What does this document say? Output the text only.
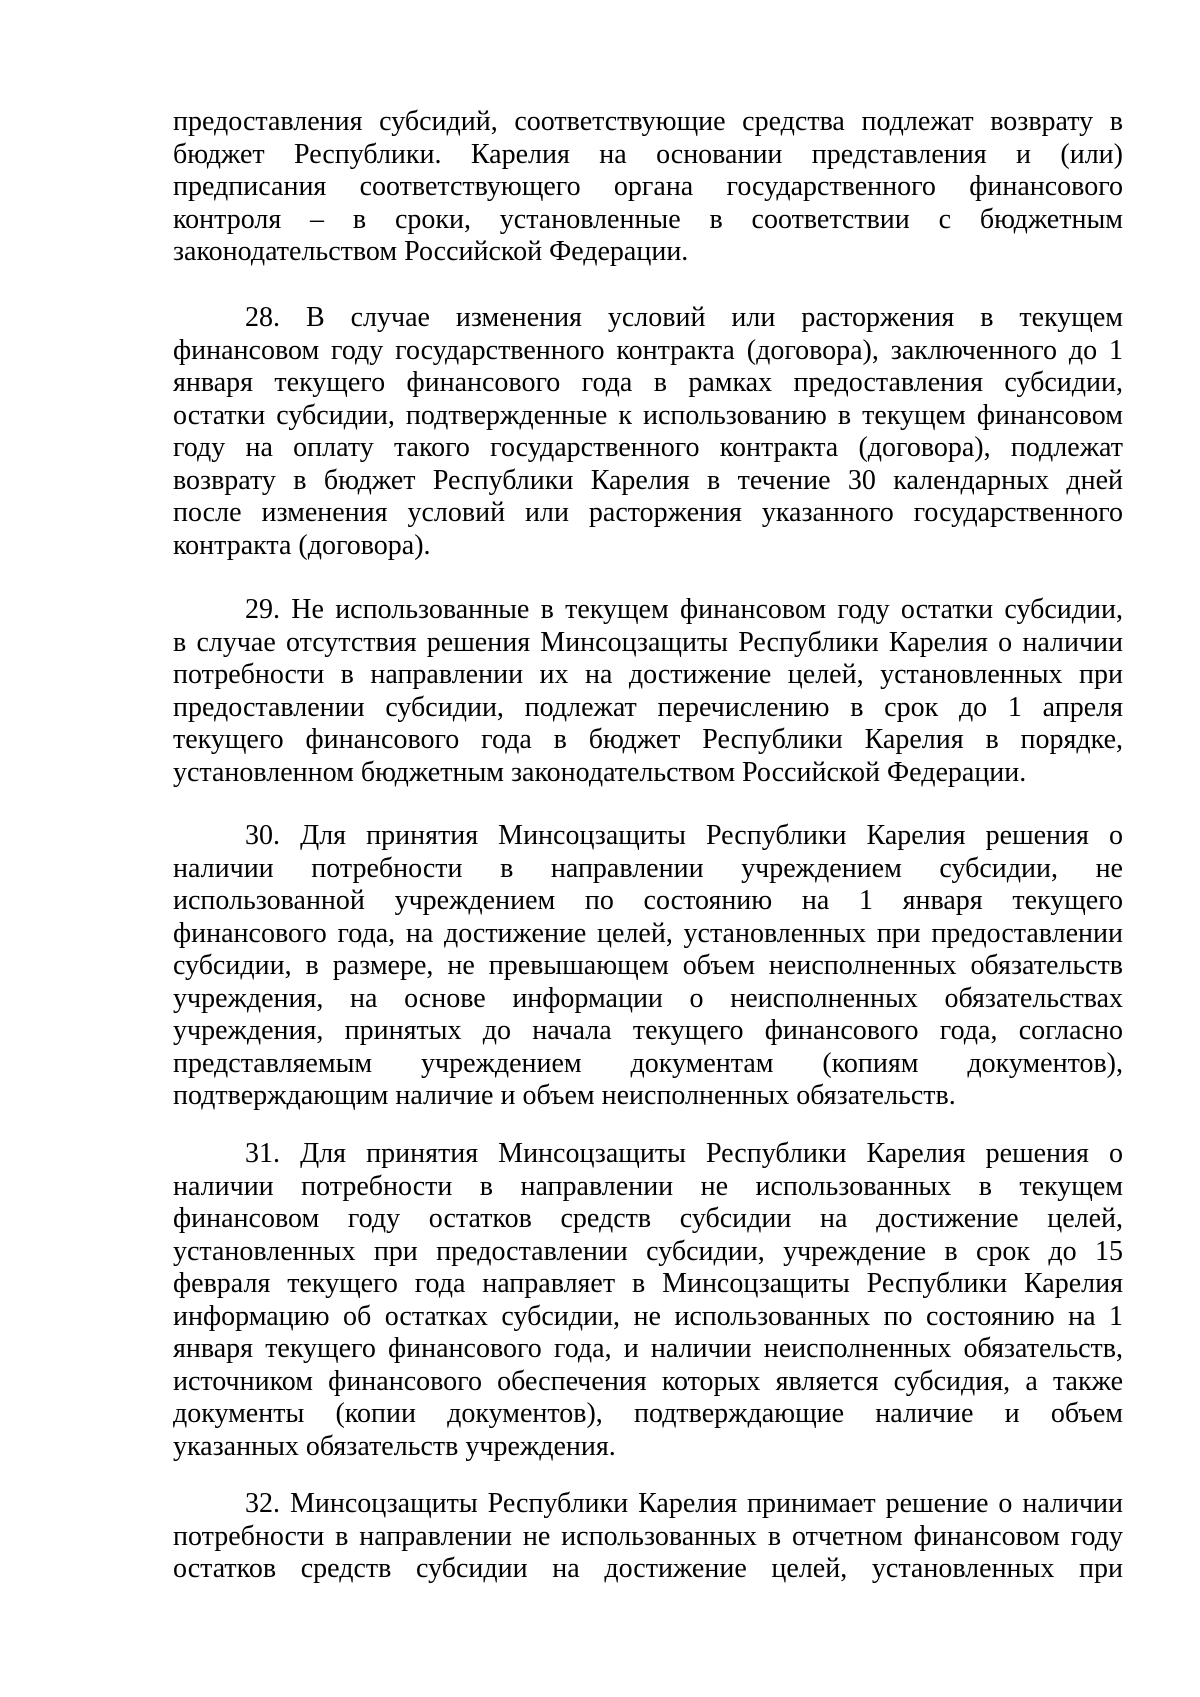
предоставления субсидий, соответствующие средства подлежат возврату в
бюджет Республики. Карелия на основании представления и (или)
предписания соответствующего органа государственного финансового
контроля – в сроки, установленные в соответствии с бюджетным
законодательством Российской Федерации.
28. В случае изменения условий или расторжения в текущем
финансовом году государственного контракта (договора), заключенного до 1
января текущего финансового года в рамках предоставления субсидии,
остатки субсидии, подтвержденные к использованию в текущем финансовом
году на оплату такого государственного контракта (договора), подлежат
возврату в бюджет Республики Карелия в течение 30 календарных дней
после изменения условий или расторжения указанного государственного
контракта (договора).
29. Не использованные в текущем финансовом году остатки субсидии,
в случае отсутствия решения Минсоцзащиты Республики Карелия о наличии
потребности в направлении их на достижение целей, установленных при
предоставлении субсидии, подлежат перечислению в срок до 1 апреля
текущего финансового года в бюджет Республики Карелия в порядке,
установленном бюджетным законодательством Российской Федерации.
30. Для принятия Минсоцзащиты Республики Карелия решения о
наличии потребности в направлении учреждением субсидии, не
использованной учреждением по состоянию на 1 января текущего
финансового года, на достижение целей, установленных при предоставлении
субсидии, в размере, не превышающем объем неисполненных обязательств
учреждения, на основе информации о неисполненных обязательствах
учреждения, принятых до начала текущего финансового года, согласно
представляемым учреждением документам (копиям документов),
подтверждающим наличие и объем неисполненных обязательств.
31. Для принятия Минсоцзащиты Республики Карелия решения о
наличии потребности в направлении не использованных в текущем
финансовом году остатков средств субсидии на достижение целей,
установленных при предоставлении субсидии, учреждение в срок до 15
февраля текущего года направляет в Минсоцзащиты Республики Карелия
информацию об остатках субсидии, не использованных по состоянию на 1
января текущего финансового года, и наличии неисполненных обязательств,
источником финансового обеспечения которых является субсидия, а также
документы (копии документов), подтверждающие наличие и объем
указанных обязательств учреждения.
32. Минсоцзащиты Республики Карелия принимает решение о наличии
потребности в направлении не использованных в отчетном финансовом году
остатков средств субсидии на достижение целей, установленных при
